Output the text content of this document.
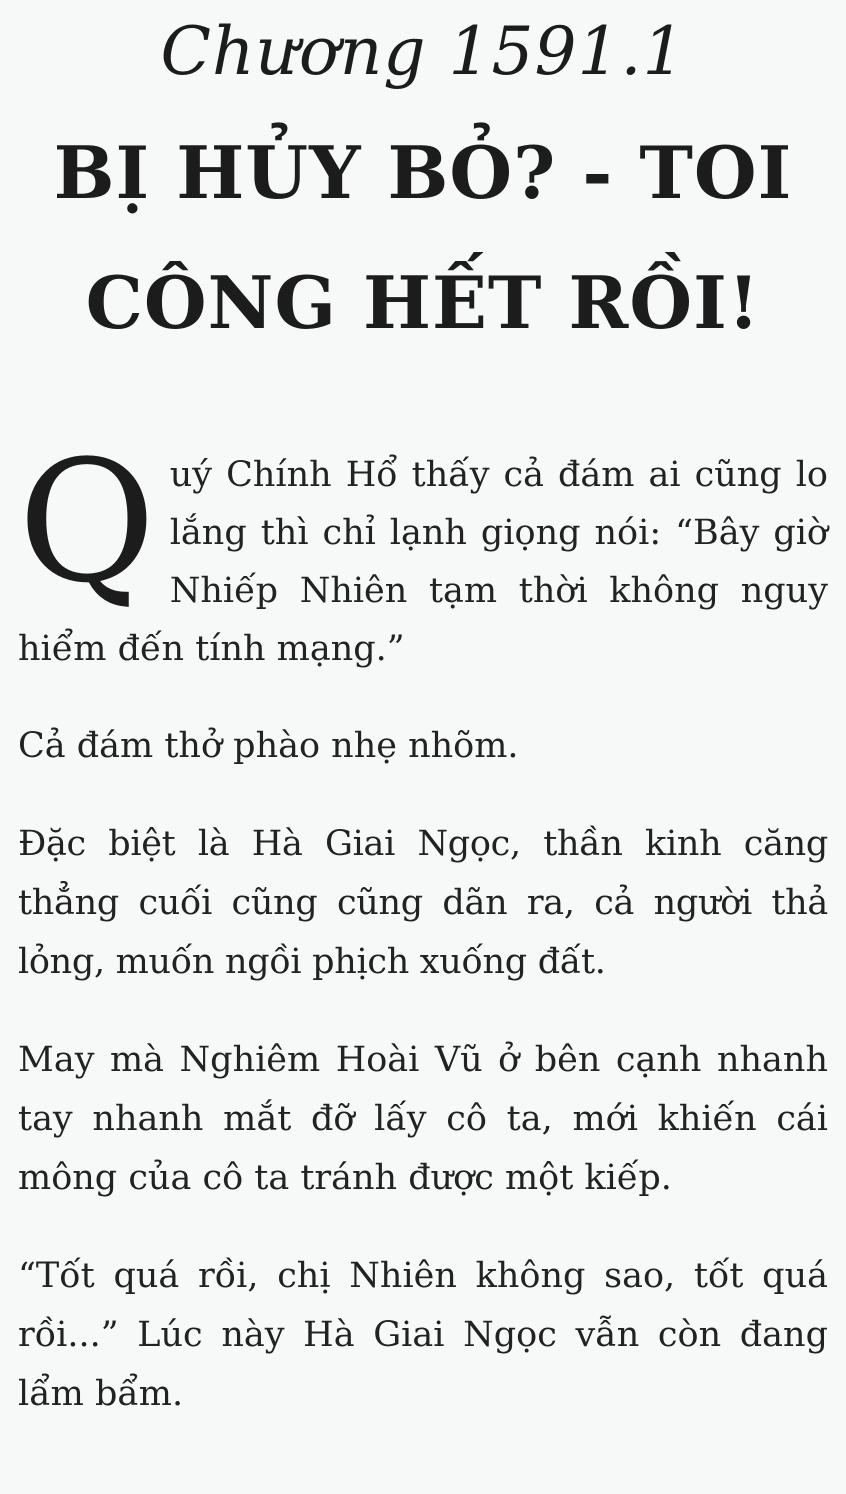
Chương 1591.1
BỊ HỦY BỎ? - TOI
CÔNG HẾT RỒI!

Quý Chính Hổ thấy cả đám ai cũng lo lắng thì chỉ lạnh giọng nói: “Bây giờ Nhiếp Nhiên tạm thời không nguy hiểm đến tính mạng.”

Cả đám thở phào nhẹ nhõm.

Đặc biệt là Hà Giai Ngọc, thần kinh căng thẳng cuối cũng cũng dãn ra, cả người thả lỏng, muốn ngồi phịch xuống đất.

May mà Nghiêm Hoài Vũ ở bên cạnh nhanh tay nhanh mắt đỡ lấy cô ta, mới khiến cái mông của cô ta tránh được một kiếp.

“Tốt quá rồi, chị Nhiên không sao, tốt quá rồi...” Lúc này Hà Giai Ngọc vẫn còn đang lẩm bẩm.
